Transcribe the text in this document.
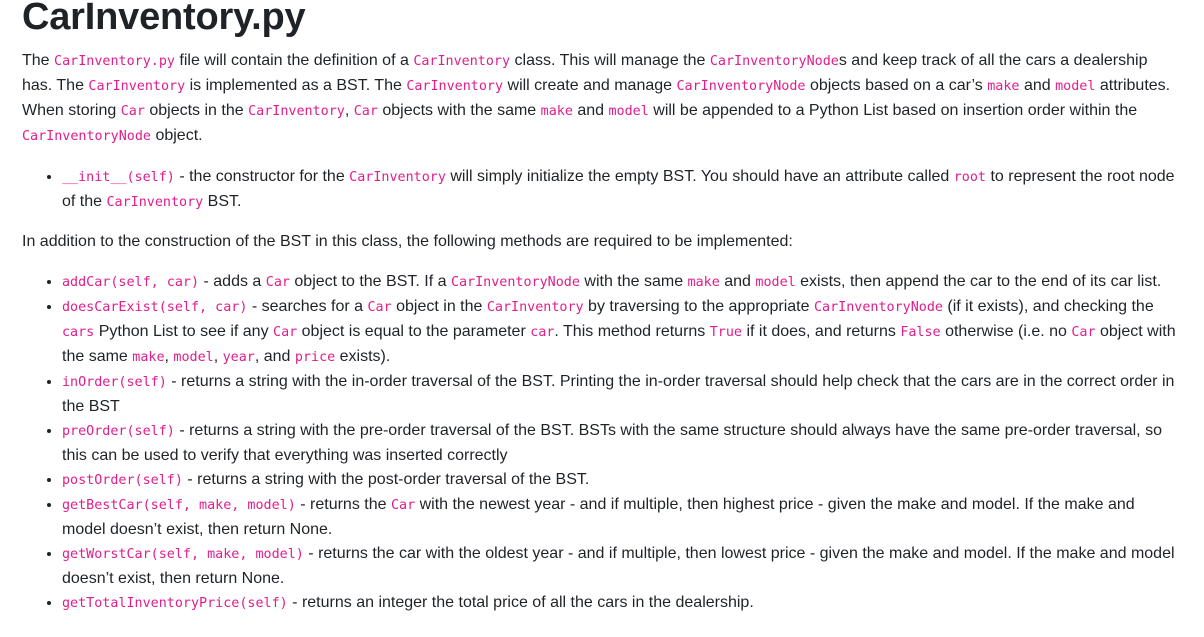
CarInventory.py

The CarInventory.py file will contain the definition of a CarInventory class. This will manage the CarInventoryNodes and keep track of all the cars a dealership has. The CarInventory is implemented as a BST. The CarInventory will create and manage CarInventoryNode objects based on a car’s make and model attributes. When storing Car objects in the CarInventory, Car objects with the same make and model will be appended to a Python List based on insertion order within the CarInventoryNode object.

• __init__(self) - the constructor for the CarInventory will simply initialize the empty BST. You should have an attribute called root to represent the root node of the CarInventory BST.

In addition to the construction of the BST in this class, the following methods are required to be implemented:

• addCar(self, car) - adds a Car object to the BST. If a CarInventoryNode with the same make and model exists, then append the car to the end of its car list.
• doesCarExist(self, car) - searches for a Car object in the CarInventory by traversing to the appropriate CarInventoryNode (if it exists), and checking the cars Python List to see if any Car object is equal to the parameter car. This method returns True if it does, and returns False otherwise (i.e. no Car object with the same make, model, year, and price exists).
• inOrder(self) - returns a string with the in-order traversal of the BST. Printing the in-order traversal should help check that the cars are in the correct order in the BST
• preOrder(self) - returns a string with the pre-order traversal of the BST. BSTs with the same structure should always have the same pre-order traversal, so this can be used to verify that everything was inserted correctly
• postOrder(self) - returns a string with the post-order traversal of the BST.
• getBestCar(self, make, model) - returns the Car with the newest year - and if multiple, then highest price - given the make and model. If the make and model doesn’t exist, then return None.
• getWorstCar(self, make, model) - returns the car with the oldest year - and if multiple, then lowest price - given the make and model. If the make and model doesn’t exist, then return None.
• getTotalInventoryPrice(self) - returns an integer the total price of all the cars in the dealership.
